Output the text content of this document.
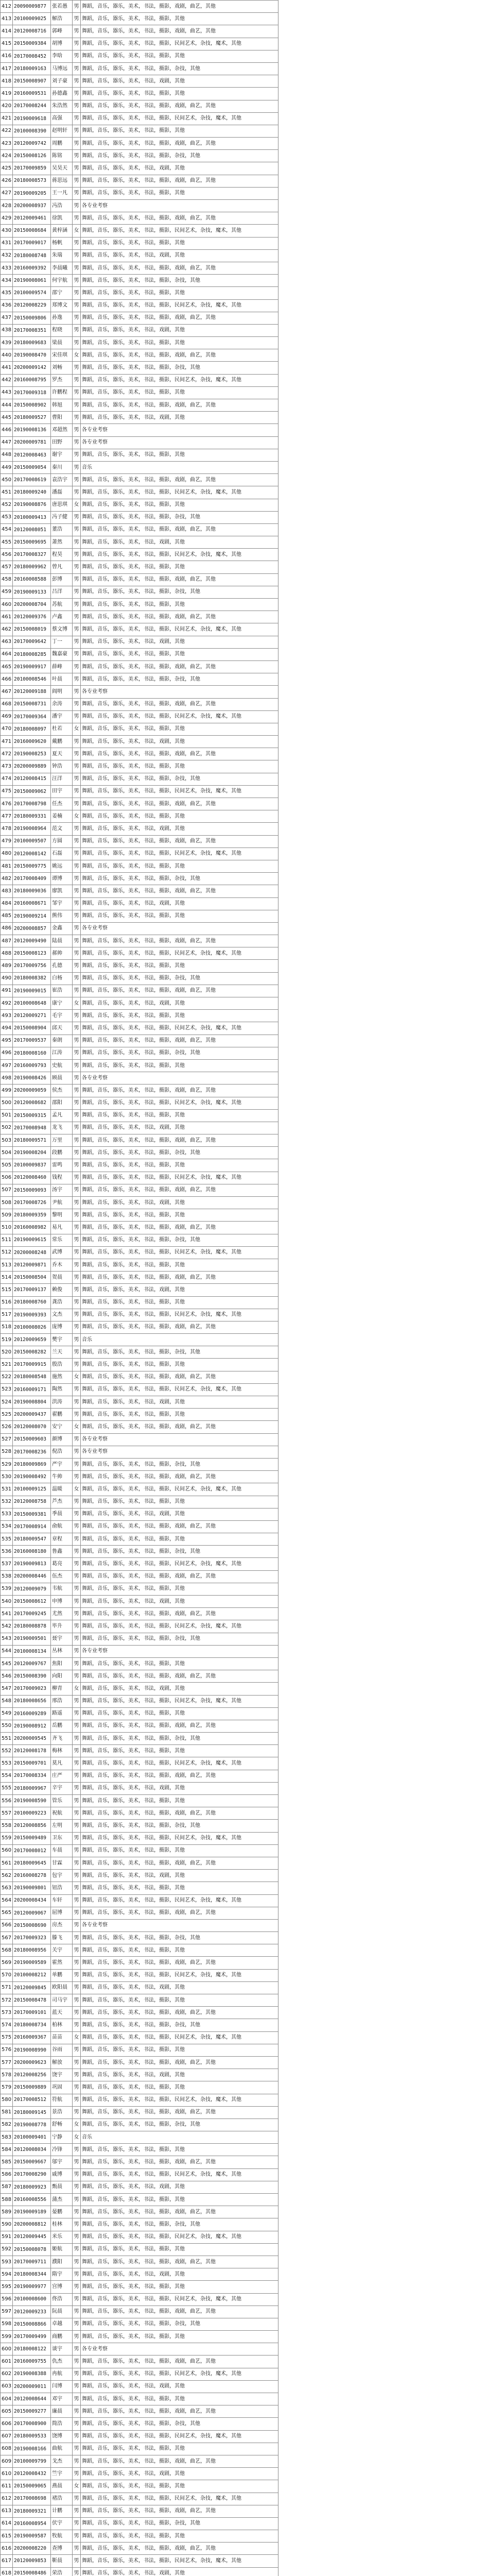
412	20090009877	张若愚	男	舞蹈，音乐，器乐，美术，书法，摄影，戏剧，曲艺，其他
413	20100009025	解浩	男	舞蹈，音乐，器乐，美术，书法，摄影，其他
414	20120008716	郭峰	男	舞蹈，音乐，器乐，美术，书法，摄影，戏剧，曲艺，其他
415	20150009384	胡博	男	舞蹈，音乐，器乐，美术，书法，摄影，民间艺术，杂技，魔术，其他
416	20170008452	李晗	男	舞蹈，音乐，器乐，美术，书法，摄影，其他
417	20180009163	马博远	男	舞蹈，音乐，器乐，美术，书法，摄影，杂技，其他
418	20150008907	刘子豪	男	舞蹈，音乐，器乐，美术，书法，戏剧，其他
419	20160009531	孙德鑫	男	舞蹈，音乐，器乐，美术，书法，摄影，其他
420	20170008244	朱浩然	男	舞蹈，音乐，器乐，美术，书法，摄影，戏剧，曲艺，其他
421	20190009618	高强	男	舞蹈，音乐，器乐，美术，书法，摄影，民间艺术，杂技，魔术，其他
422	20100008390	赵明轩	男	舞蹈，音乐，器乐，美术，书法，摄影，其他
423	20120009742	周鹏	男	舞蹈，音乐，器乐，美术，书法，摄影，戏剧，曲艺，其他
424	20150008126	陈铭	男	舞蹈，音乐，器乐，美术，书法，摄影，杂技，其他
425	20170009859	吴昊天	男	舞蹈，音乐，器乐，美术，书法，戏剧，其他
426	20180008573	蒋思远	男	舞蹈，音乐，器乐，美术，书法，摄影，戏剧，曲艺，其他
427	20190009205	王一凡	男	舞蹈，音乐，器乐，美术，书法，摄影，其他
428	20200008937	冯浩	男	各专业考察
429	20120009461	徐凯	男	舞蹈，音乐，器乐，美术，书法，摄影，戏剧，曲艺，其他
430	20150008684	黄梓涵	女	舞蹈，音乐，器乐，美术，书法，摄影，民间艺术，杂技，魔术，其他
431	20170009017	杨帆	男	舞蹈，音乐，器乐，美术，书法，摄影，其他
432	20180008748	朱瑞	男	舞蹈，音乐，器乐，美术，书法，戏剧，其他
433	20160009392	李晨曦	男	舞蹈，音乐，器乐，美术，书法，摄影，戏剧，曲艺，其他
434	20190008061	何宇航	男	舞蹈，音乐，器乐，美术，书法，摄影，杂技，其他
435	20100009574	邵宁	男	舞蹈，音乐，器乐，美术，书法，摄影，其他
436	20120008229	郑博文	男	舞蹈，音乐，器乐，美术，书法，摄影，民间艺术，杂技，魔术，其他
437	20150009806	孙逸	男	舞蹈，音乐，器乐，美术，书法，摄影，戏剧，曲艺，其他
438	20170008351	程晓	男	舞蹈，音乐，器乐，美术，书法，戏剧，其他
439	20180009683	梁晨	男	舞蹈，音乐，器乐，美术，书法，摄影，其他
440	20190008470	宋佳琪	女	舞蹈，音乐，器乐，美术，书法，摄影，戏剧，曲艺，其他
441	20200009142	刘畅	男	舞蹈，音乐，器乐，美术，书法，摄影，杂技，其他
442	20160008795	罗杰	男	舞蹈，音乐，器乐，美术，书法，摄影，民间艺术，杂技，魔术，其他
443	20170009318	许鹏程	男	舞蹈，音乐，器乐，美术，书法，摄影，其他
444	20150008902	韩旭	男	舞蹈，音乐，器乐，美术，书法，摄影，戏剧，曲艺，其他
445	20180009527	曹阳	男	舞蹈，音乐，器乐，美术，书法，戏剧，其他
446	20190008136	邓超然	男	各专业考察
447	20200009781	田野	男	各专业考察
448	20120008463	谢宇	男	舞蹈，音乐，器乐，美术，书法，摄影，其他
449	20150009054	秦川	男	音乐
450	20170008619	袁浩宇	男	舞蹈，音乐，器乐，美术，书法，摄影，戏剧，曲艺，其他
451	20180009240	潘磊	男	舞蹈，音乐，器乐，美术，书法，摄影，民间艺术，杂技，魔术，其他
452	20190008876	唐思琪	女	舞蹈，音乐，器乐，美术，书法，摄影，其他
453	20100009413	冯子健	男	舞蹈，音乐，器乐，美术，书法，摄影，杂技，其他
454	20120008051	董浩	男	舞蹈，音乐，器乐，美术，书法，摄影，戏剧，曲艺，其他
455	20150009695	萧然	男	舞蹈，音乐，器乐，美术，书法，戏剧，其他
456	20170008327	程昊	男	舞蹈，音乐，器乐，美术，书法，摄影，民间艺术，杂技，魔术，其他
457	20180009962	曾凡	男	舞蹈，音乐，器乐，美术，书法，摄影，其他
458	20160008588	彭博	男	舞蹈，音乐，器乐，美术，书法，摄影，戏剧，曲艺，其他
459	20190009133	吕洋	男	舞蹈，音乐，器乐，美术，书法，摄影，杂技，其他
460	20200008704	苏航	男	舞蹈，音乐，器乐，美术，书法，摄影，其他
461	20120009376	卢鑫	男	舞蹈，音乐，器乐，美术，书法，摄影，戏剧，曲艺，其他
462	20150008019	蔡文博	男	舞蹈，音乐，器乐，美术，书法，摄影，民间艺术，杂技，魔术，其他
463	20170009642	丁一	男	舞蹈，音乐，器乐，美术，书法，戏剧，其他
464	20180008285	魏嘉豪	男	舞蹈，音乐，器乐，美术，书法，摄影，其他
465	20190009917	薛峰	男	舞蹈，音乐，器乐，美术，书法，摄影，戏剧，曲艺，其他
466	20100008546	叶晨	男	舞蹈，音乐，器乐，美术，书法，摄影，杂技，其他
467	20120009188	阎明	男	各专业考察
468	20150008731	余涛	男	舞蹈，音乐，器乐，美术，书法，摄影，戏剧，曲艺，其他
469	20170009364	潘宇	男	舞蹈，音乐，器乐，美术，书法，摄影，民间艺术，杂技，魔术，其他
470	20180008097	杜若	女	舞蹈，音乐，器乐，美术，书法，摄影，其他
471	20160009620	戴鹏	男	舞蹈，音乐，器乐，美术，书法，戏剧，其他
472	20190008253	夏天	男	舞蹈，音乐，器乐，美术，书法，摄影，戏剧，曲艺，其他
473	20200009889	钟浩	男	舞蹈，音乐，器乐，美术，书法，摄影，其他
474	20120008415	汪洋	男	舞蹈，音乐，器乐，美术，书法，摄影，杂技，其他
475	20150009062	田宇	男	舞蹈，音乐，器乐，美术，书法，摄影，民间艺术，杂技，魔术，其他
476	20170008798	任杰	男	舞蹈，音乐，器乐，美术，书法，摄影，戏剧，曲艺，其他
477	20180009331	姜楠	女	舞蹈，音乐，器乐，美术，书法，摄影，其他
478	20190008964	范文	男	舞蹈，音乐，器乐，美术，书法，戏剧，其他
479	20100009507	方圆	男	舞蹈，音乐，器乐，美术，书法，摄影，戏剧，曲艺，其他
480	20120008142	石磊	男	舞蹈，音乐，器乐，美术，书法，摄影，民间艺术，杂技，魔术，其他
481	20150009775	姚远	男	舞蹈，音乐，器乐，美术，书法，摄影，其他
482	20170008409	谭博	男	舞蹈，音乐，器乐，美术，书法，摄影，杂技，其他
483	20180009036	廖凯	男	舞蹈，音乐，器乐，美术，书法，摄影，戏剧，曲艺，其他
484	20160008671	邹宇	男	舞蹈，音乐，器乐，美术，书法，戏剧，其他
485	20190009214	熊伟	男	舞蹈，音乐，器乐，美术，书法，摄影，其他
486	20200008857	金鑫	男	各专业考察
487	20120009490	陆晨	男	舞蹈，音乐，器乐，美术，书法，摄影，戏剧，曲艺，其他
488	20150008123	郝帅	男	舞蹈，音乐，器乐，美术，书法，摄影，民间艺术，杂技，魔术，其他
489	20170009756	孔德	男	舞蹈，音乐，器乐，美术，书法，摄影，其他
490	20180008382	白杨	男	舞蹈，音乐，器乐，美术，书法，摄影，杂技，其他
491	20190009015	崔浩	男	舞蹈，音乐，器乐，美术，书法，摄影，戏剧，曲艺，其他
492	20100008648	康宁	女	舞蹈，音乐，器乐，美术，书法，戏剧，其他
493	20120009271	毛宇	男	舞蹈，音乐，器乐，美术，书法，摄影，其他
494	20150008904	邱天	男	舞蹈，音乐，器乐，美术，书法，摄影，民间艺术，杂技，魔术，其他
495	20170009537	秦朗	男	舞蹈，音乐，器乐，美术，书法，摄影，戏剧，曲艺，其他
496	20180008160	江涛	男	舞蹈，音乐，器乐，美术，书法，摄影，杂技，其他
497	20160009793	史航	男	舞蹈，音乐，器乐，美术，书法，摄影，其他
498	20190008426	顾晨	男	各专业考察
499	20200009059	侯杰	男	舞蹈，音乐，器乐，美术，书法，摄影，戏剧，曲艺，其他
500	20120008682	邵阳	男	舞蹈，音乐，器乐，美术，书法，摄影，民间艺术，杂技，魔术，其他
501	20150009315	孟凡	男	舞蹈，音乐，器乐，美术，书法，摄影，其他
502	20170008948	龙飞	男	舞蹈，音乐，器乐，美术，书法，戏剧，其他
503	20180009571	万里	男	舞蹈，音乐，器乐，美术，书法，摄影，戏剧，曲艺，其他
504	20190008204	段鹏	男	舞蹈，音乐，器乐，美术，书法，摄影，杂技，其他
505	20100009837	雷鸣	男	舞蹈，音乐，器乐，美术，书法，摄影，其他
506	20120008460	钱程	男	舞蹈，音乐，器乐，美术，书法，摄影，民间艺术，杂技，魔术，其他
507	20150009093	汤宇	男	舞蹈，音乐，器乐，美术，书法，摄影，戏剧，曲艺，其他
508	20170008726	尹航	男	舞蹈，音乐，器乐，美术，书法，戏剧，其他
509	20180009359	黎明	男	舞蹈，音乐，器乐，美术，书法，摄影，其他
510	20160008982	易凡	男	舞蹈，音乐，器乐，美术，书法，摄影，戏剧，曲艺，其他
511	20190009615	常乐	男	舞蹈，音乐，器乐，美术，书法，摄影，杂技，其他
512	20200008248	武博	男	舞蹈，音乐，器乐，美术，书法，摄影，民间艺术，杂技，魔术，其他
513	20120009871	乔木	男	舞蹈，音乐，器乐，美术，书法，摄影，其他
514	20150008504	贺晨	男	舞蹈，音乐，器乐，美术，书法，摄影，戏剧，曲艺，其他
515	20170009137	赖俊	男	舞蹈，音乐，器乐，美术，书法，戏剧，其他
516	20180008760	龚浩	男	舞蹈，音乐，器乐，美术，书法，摄影，其他
517	20190009393	文杰	男	舞蹈，音乐，器乐，美术，书法，摄影，民间艺术，杂技，魔术，其他
518	20100008026	庞博	男	舞蹈，音乐，器乐，美术，书法，摄影，戏剧，曲艺，其他
519	20120009659	樊宇	男	音乐
520	20150008282	兰天	男	舞蹈，音乐，器乐，美术，书法，摄影，杂技，其他
521	20170009915	殷浩	男	舞蹈，音乐，器乐，美术，书法，摄影，其他
522	20180008548	施然	女	舞蹈，音乐，器乐，美术，书法，摄影，戏剧，曲艺，其他
523	20160009171	陶然	男	舞蹈，音乐，器乐，美术，书法，摄影，民间艺术，杂技，魔术，其他
524	20190008804	洪涛	男	舞蹈，音乐，器乐，美术，书法，戏剧，其他
525	20200009437	翟鹏	男	舞蹈，音乐，器乐，美术，书法，摄影，其他
526	20120008070	安宁	女	舞蹈，音乐，器乐，美术，书法，摄影，戏剧，曲艺，其他
527	20150009603	颜博	男	各专业考察
528	20170008236	倪浩	男	各专业考察
529	20180009869	严宇	男	舞蹈，音乐，器乐，美术，书法，摄影，杂技，其他
530	20190008492	牛帅	男	舞蹈，音乐，器乐，美术，书法，摄影，戏剧，曲艺，其他
531	20100009125	温暖	女	舞蹈，音乐，器乐，美术，书法，摄影，民间艺术，杂技，魔术，其他
532	20120008758	芦杰	男	舞蹈，音乐，器乐，美术，书法，摄影，其他
533	20150009381	季晨	男	舞蹈，音乐，器乐，美术，书法，戏剧，其他
534	20170008914	俞航	男	舞蹈，音乐，器乐，美术，书法，摄影，戏剧，曲艺，其他
535	20180009547	章程	男	舞蹈，音乐，器乐，美术，书法，摄影，其他
536	20160008180	鲁鑫	男	舞蹈，音乐，器乐，美术，书法，摄影，杂技，其他
537	20190009813	葛亮	男	舞蹈，音乐，器乐，美术，书法，摄影，民间艺术，杂技，魔术，其他
538	20200008446	伍杰	男	舞蹈，音乐，器乐，美术，书法，摄影，戏剧，曲艺，其他
539	20120009079	韦航	男	舞蹈，音乐，器乐，美术，书法，摄影，其他
540	20150008612	申博	男	舞蹈，音乐，器乐，美术，书法，戏剧，其他
541	20170009245	尤然	男	舞蹈，音乐，器乐，美术，书法，摄影，戏剧，曲艺，其他
542	20180008878	毕升	男	舞蹈，音乐，器乐，美术，书法，摄影，民间艺术，杂技，魔术，其他
543	20190009501	聂宇	男	舞蹈，音乐，器乐，美术，书法，摄影，杂技，其他
544	20100008134	丛林	男	各专业考察
545	20120009767	焦阳	男	舞蹈，音乐，器乐，美术，书法，摄影，其他
546	20150008390	向阳	男	舞蹈，音乐，器乐，美术，书法，摄影，戏剧，曲艺，其他
547	20170009023	柳青	女	舞蹈，音乐，器乐，美术，书法，戏剧，其他
548	20180008656	邢浩	男	舞蹈，音乐，器乐，美术，书法，摄影，民间艺术，杂技，魔术，其他
549	20160009289	路遥	男	舞蹈，音乐，器乐，美术，书法，摄影，其他
550	20190008912	岳鹏	男	舞蹈，音乐，器乐，美术，书法，摄影，戏剧，曲艺，其他
551	20200009545	齐飞	男	舞蹈，音乐，器乐，美术，书法，摄影，杂技，其他
552	20120008178	梅林	男	舞蹈，音乐，器乐，美术，书法，摄影，其他
553	20150009701	莫凡	男	舞蹈，音乐，器乐，美术，书法，摄影，民间艺术，杂技，魔术，其他
554	20170008334	庄严	男	舞蹈，音乐，器乐，美术，书法，摄影，戏剧，曲艺，其他
555	20180009967	辛宇	男	舞蹈，音乐，器乐，美术，书法，戏剧，其他
556	20190008590	管乐	男	舞蹈，音乐，器乐，美术，书法，摄影，其他
557	20100009223	祝航	男	舞蹈，音乐，器乐，美术，书法，摄影，戏剧，曲艺，其他
558	20120008856	左明	男	舞蹈，音乐，器乐，美术，书法，摄影，杂技，其他
559	20150009489	卫东	男	舞蹈，音乐，器乐，美术，书法，摄影，民间艺术，杂技，魔术，其他
560	20170008012	车晨	男	舞蹈，音乐，器乐，美术，书法，摄影，其他
561	20180009645	甘霖	男	舞蹈，音乐，器乐，美术，书法，摄影，戏剧，曲艺，其他
562	20160008278	包宇	男	舞蹈，音乐，器乐，美术，书法，戏剧，其他
563	20190009801	钮浩	男	舞蹈，音乐，器乐，美术，书法，摄影，其他
564	20200008434	车轩	男	舞蹈，音乐，器乐，美术，书法，摄影，民间艺术，杂技，魔术，其他
565	20120009067	屈博	男	舞蹈，音乐，器乐，美术，书法，摄影，戏剧，曲艺，其他
566	20150008690	房杰	男	各专业考察
567	20170009323	滕飞	男	舞蹈，音乐，器乐，美术，书法，摄影，杂技，其他
568	20180008956	关宇	男	舞蹈，音乐，器乐，美术，书法，摄影，其他
569	20190009589	霍然	男	舞蹈，音乐，器乐，美术，书法，摄影，戏剧，曲艺，其他
570	20100008212	单鹏	男	舞蹈，音乐，器乐，美术，书法，摄影，民间艺术，杂技，魔术，其他
571	20120009845	欧阳晨	男	舞蹈，音乐，器乐，美术，书法，戏剧，其他
572	20150008478	司马宇	男	舞蹈，音乐，器乐，美术，书法，摄影，其他
573	20170009101	蓝天	男	舞蹈，音乐，器乐，美术，书法，摄影，戏剧，曲艺，其他
574	20180008734	柏林	男	舞蹈，音乐，器乐，美术，书法，摄影，杂技，其他
575	20160009367	苗苗	女	舞蹈，音乐，器乐，美术，书法，摄影，民间艺术，杂技，魔术，其他
576	20190008990	谷雨	男	舞蹈，音乐，器乐，美术，书法，摄影，其他
577	20200009623	解放	男	舞蹈，音乐，器乐，美术，书法，摄影，戏剧，曲艺，其他
578	20120008256	饶宇	男	舞蹈，音乐，器乐，美术，书法，戏剧，其他
579	20150009889	巩固	男	舞蹈，音乐，器乐，美术，书法，摄影，其他
580	20170008512	符航	男	舞蹈，音乐，器乐，美术，书法，摄影，民间艺术，杂技，魔术，其他
581	20180009145	景浩	男	舞蹈，音乐，器乐，美术，书法，摄影，戏剧，曲艺，其他
582	20190008778	舒畅	女	舞蹈，音乐，器乐，美术，书法，摄影，杂技，其他
583	20100009401	宁静	女	音乐
584	20120008034	冷锋	男	舞蹈，音乐，器乐，美术，书法，摄影，其他
585	20150009667	邬宇	男	舞蹈，音乐，器乐，美术，书法，摄影，戏剧，曲艺，其他
586	20170008290	戚博	男	舞蹈，音乐，器乐，美术，书法，摄影，民间艺术，杂技，魔术，其他
587	20180009923	甄晨	男	舞蹈，音乐，器乐，美术，书法，戏剧，其他
588	20160008556	蒲杰	男	舞蹈，音乐，器乐，美术，书法，摄影，其他
589	20190009189	晏鹏	男	舞蹈，音乐，器乐，美术，书法，摄影，戏剧，曲艺，其他
590	20200008812	桂林	男	舞蹈，音乐，器乐，美术，书法，摄影，杂技，其他
591	20120009445	米乐	男	舞蹈，音乐，器乐，美术，书法，摄影，民间艺术，杂技，魔术，其他
592	20150008078	姬航	男	舞蹈，音乐，器乐，美术，书法，摄影，其他
593	20170009711	濮阳	男	舞蹈，音乐，器乐，美术，书法，摄影，戏剧，曲艺，其他
594	20180008344	隋宇	男	舞蹈，音乐，器乐，美术，书法，戏剧，其他
595	20190009977	宫博	男	舞蹈，音乐，器乐，美术，书法，摄影，其他
596	20100008600	佟浩	男	舞蹈，音乐，器乐，美术，书法，摄影，民间艺术，杂技，魔术，其他
597	20120009233	阮晨	男	舞蹈，音乐，器乐，美术，书法，摄影，戏剧，曲艺，其他
598	20150008866	卓越	男	舞蹈，音乐，器乐，美术，书法，摄影，杂技，其他
599	20170009499	商鹏	男	舞蹈，音乐，器乐，美术，书法，摄影，其他
600	20180008122	谈宇	男	各专业考察
601	20160009755	仇杰	男	舞蹈，音乐，器乐，美术，书法，摄影，戏剧，曲艺，其他
602	20190008388	冉航	男	舞蹈，音乐，器乐，美术，书法，摄影，民间艺术，杂技，魔术，其他
603	20200009011	闫博	男	舞蹈，音乐，器乐，美术，书法，戏剧，其他
604	20120008644	邓宇	男	舞蹈，音乐，器乐，美术，书法，摄影，其他
605	20150009277	廉晨	男	舞蹈，音乐，器乐，美术，书法，摄影，戏剧，曲艺，其他
606	20170008900	简浩	男	舞蹈，音乐，器乐，美术，书法，摄影，杂技，其他
607	20180009533	饶博	男	舞蹈，音乐，器乐，美术，书法，摄影，民间艺术，杂技，魔术，其他
608	20190008166	曲航	男	舞蹈，音乐，器乐，美术，书法，摄影，其他
609	20100009799	戈杰	男	舞蹈，音乐，器乐，美术，书法，摄影，戏剧，曲艺，其他
610	20120008432	竺宇	男	舞蹈，音乐，器乐，美术，书法，戏剧，其他
611	20150009065	燕晨	女	舞蹈，音乐，器乐，美术，书法，摄影，其他
612	20170008698	褚浩	男	舞蹈，音乐，器乐，美术，书法，摄影，民间艺术，杂技，魔术，其他
613	20180009321	计鹏	男	舞蹈，音乐，器乐，美术，书法，摄影，戏剧，曲艺，其他
614	20160008954	伏宇	男	舞蹈，音乐，器乐，美术，书法，摄影，杂技，其他
615	20190009587	牧航	男	舞蹈，音乐，器乐，美术，书法，摄影，其他
616	20200008220	查博	男	舞蹈，音乐，器乐，美术，书法，摄影，戏剧，曲艺，其他
617	20120009853	靳晨	男	舞蹈，音乐，器乐，美术，书法，摄影，民间艺术，杂技，魔术，其他
618	20150008486	荣浩	男	舞蹈，音乐，器乐，美术，书法，戏剧，其他
